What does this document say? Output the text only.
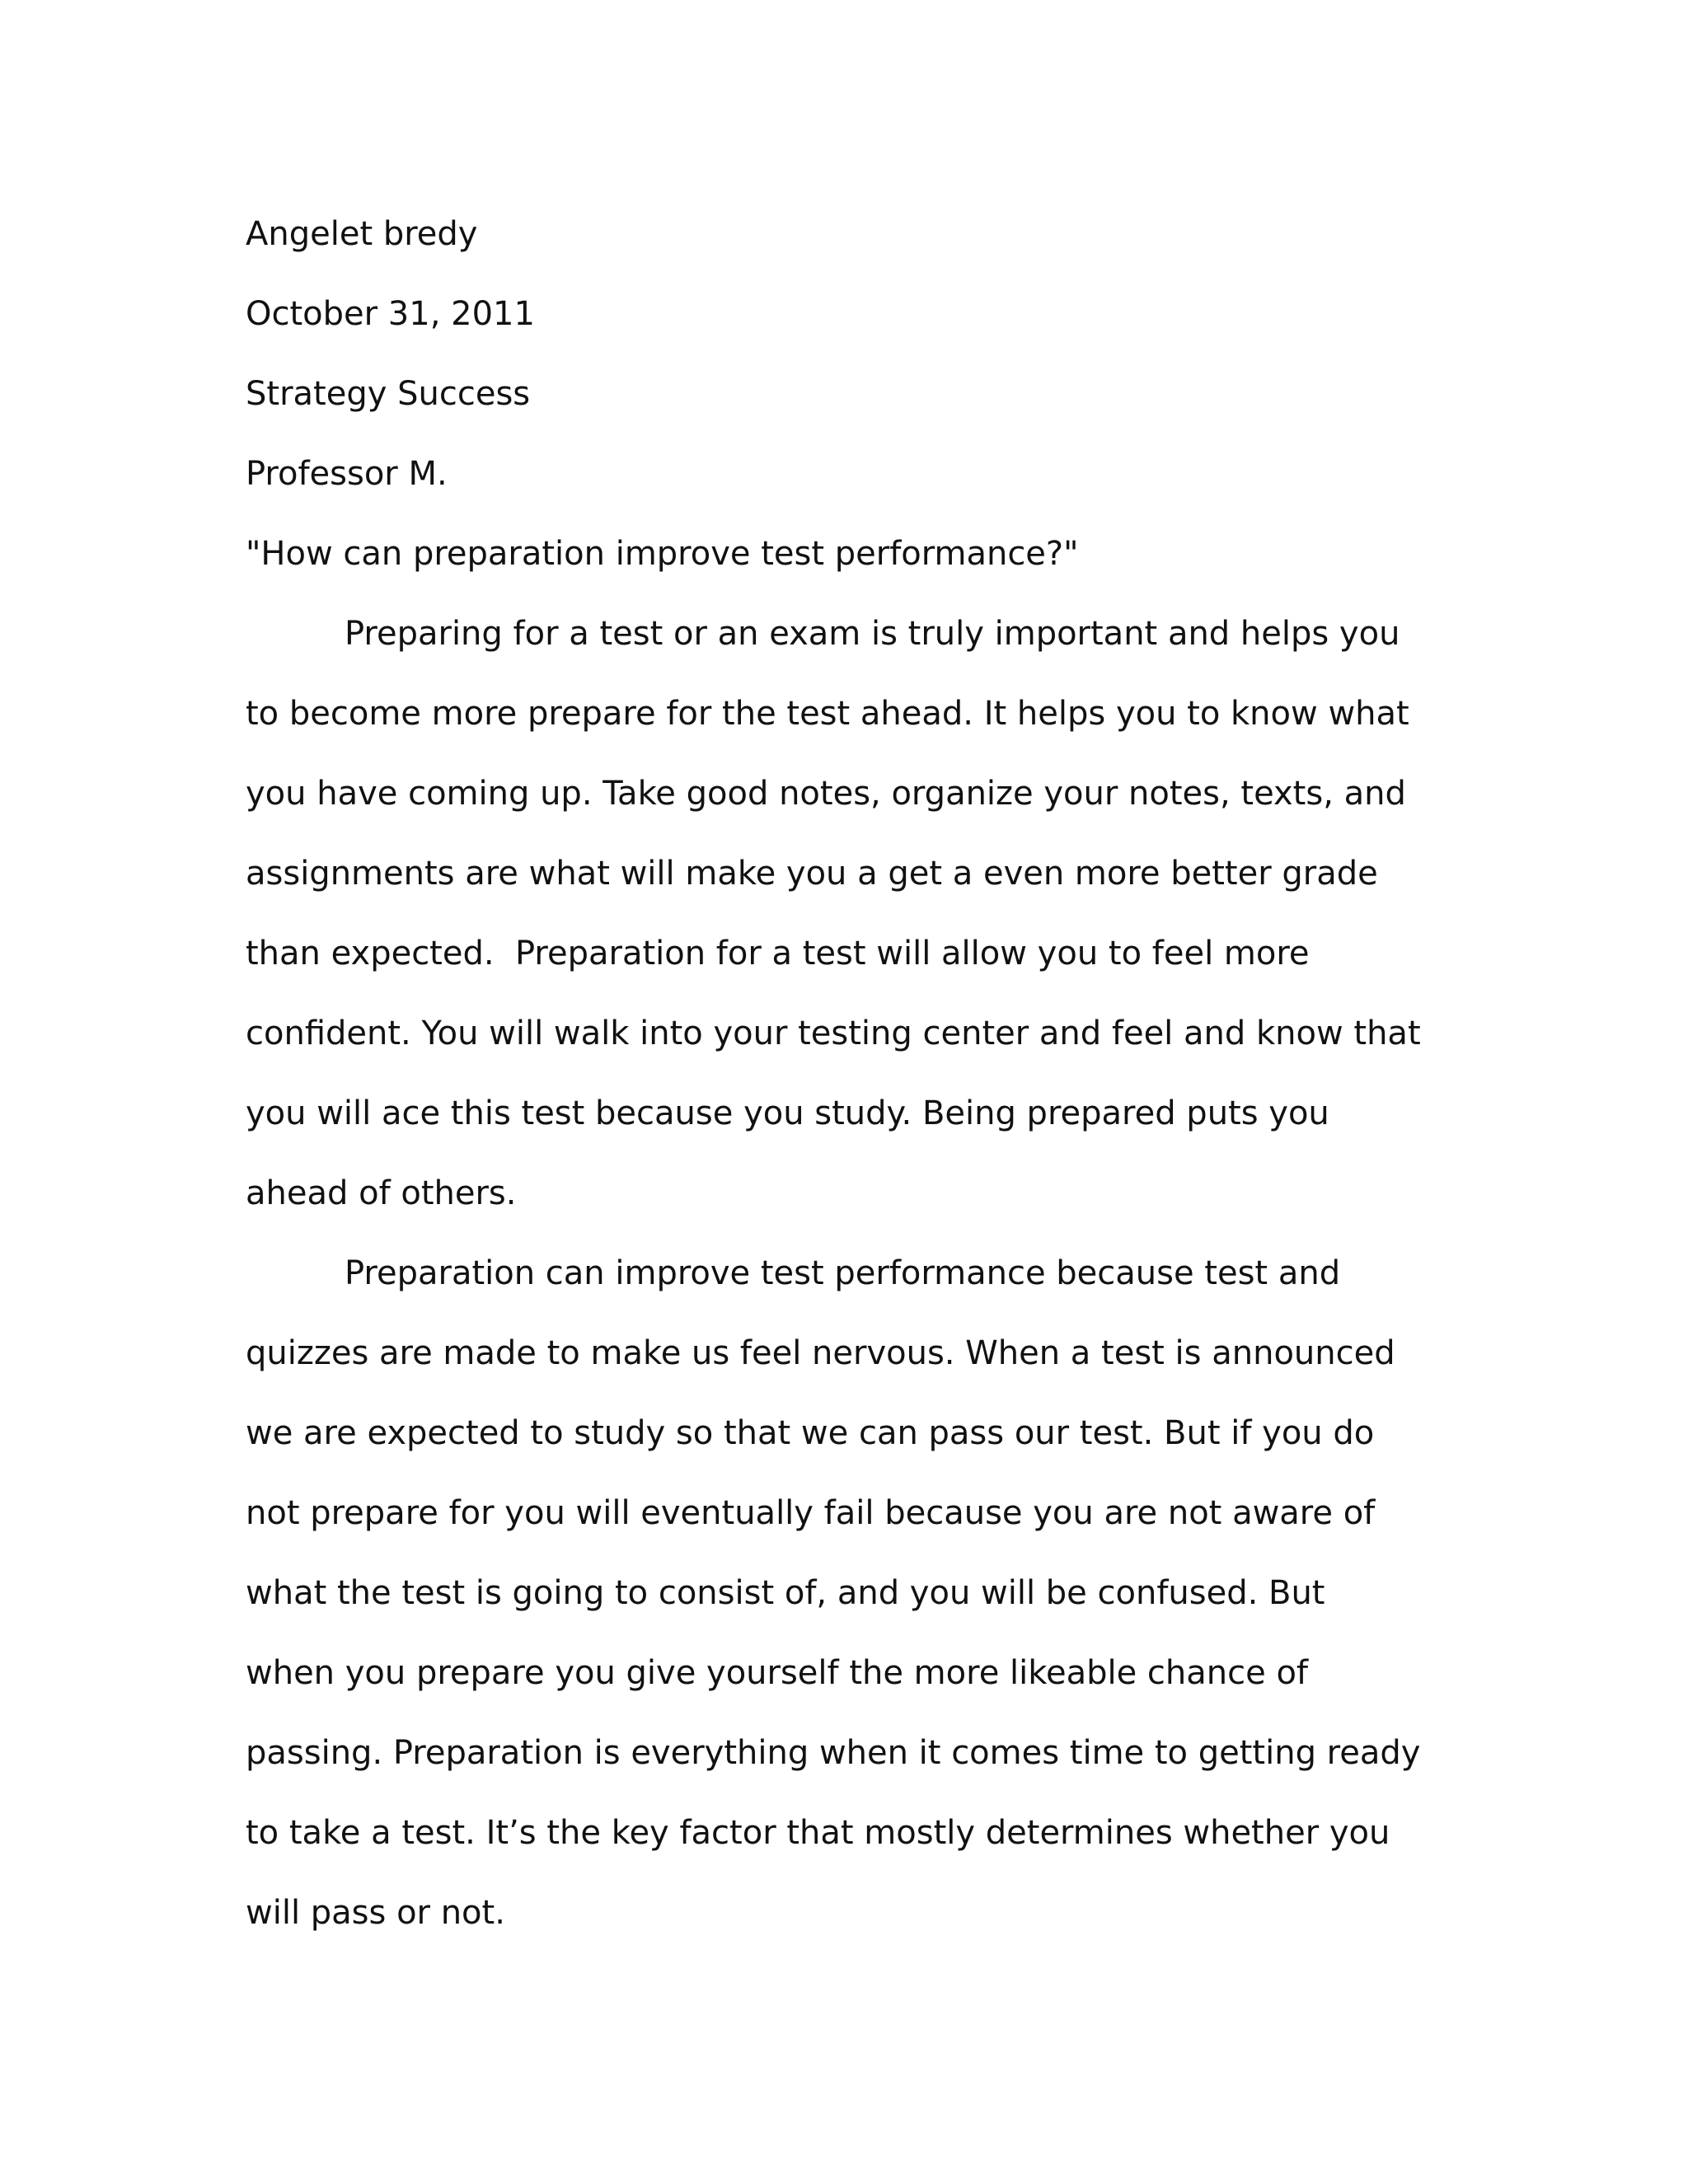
Angelet bredy

October 31, 2011

Strategy Success

Professor M.

"How can preparation improve test performance?"

Preparing for a test or an exam is truly important and helps you
to become more prepare for the test ahead. It helps you to know what
you have coming up. Take good notes, organize your notes, texts, and
assignments are what will make you a get a even more better grade
than expected.  Preparation for a test will allow you to feel more
confident. You will walk into your testing center and feel and know that
you will ace this test because you study. Being prepared puts you
ahead of others.

Preparation can improve test performance because test and
quizzes are made to make us feel nervous. When a test is announced
we are expected to study so that we can pass our test. But if you do
not prepare for you will eventually fail because you are not aware of
what the test is going to consist of, and you will be confused. But
when you prepare you give yourself the more likeable chance of
passing. Preparation is everything when it comes time to getting ready
to take a test. It’s the key factor that mostly determines whether you
will pass or not.
